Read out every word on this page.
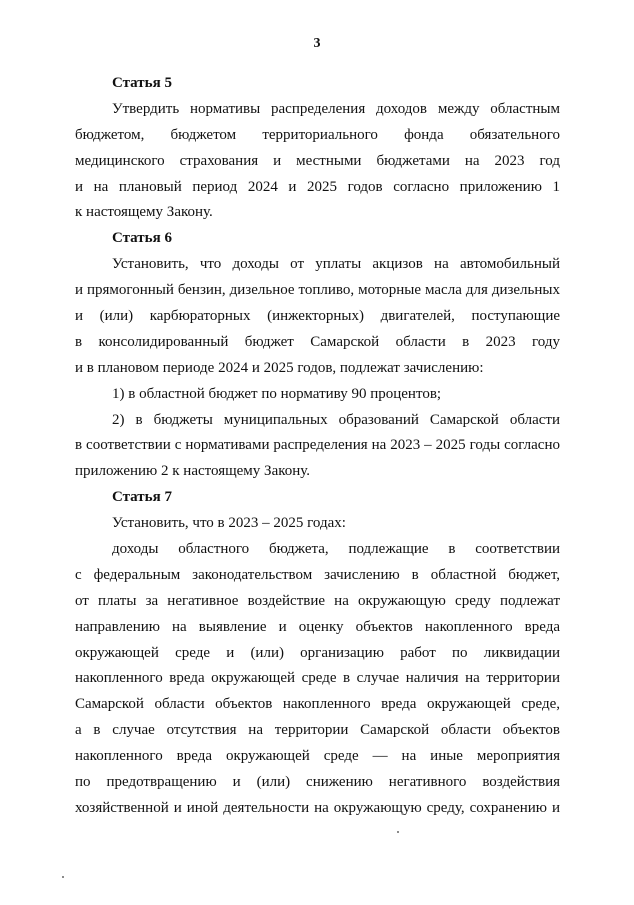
3
Статья 5
Утвердить нормативы распределения доходов между областным
бюджетом, бюджетом территориального фонда обязательного
медицинского страхования и местными бюджетами на 2023 год
и на плановый период 2024 и 2025 годов согласно приложению 1
к настоящему Закону.
Статья 6
Установить, что доходы от уплаты акцизов на автомобильный
и прямогонный бензин, дизельное топливо, моторные масла для дизельных
и (или) карбюраторных (инжекторных) двигателей, поступающие
в консолидированный бюджет Самарской области в 2023 году
и в плановом периоде 2024 и 2025 годов, подлежат зачислению:
1) в областной бюджет по нормативу 90 процентов;
2) в бюджеты муниципальных образований Самарской области
в соответствии с нормативами распределения на 2023 – 2025 годы согласно
приложению 2 к настоящему Закону.
Статья 7
Установить, что в 2023 – 2025 годах:
доходы областного бюджета, подлежащие в соответствии
с федеральным законодательством зачислению в областной бюджет,
от платы за негативное воздействие на окружающую среду подлежат
направлению на выявление и оценку объектов накопленного вреда
окружающей среде и (или) организацию работ по ликвидации
накопленного вреда окружающей среде в случае наличия на территории
Самарской области объектов накопленного вреда окружающей среде,
а в случае отсутствия на территории Самарской области объектов
накопленного вреда окружающей среде — на иные мероприятия
по предотвращению и (или) снижению негативного воздействия
хозяйственной и иной деятельности на окружающую среду, сохранению и
